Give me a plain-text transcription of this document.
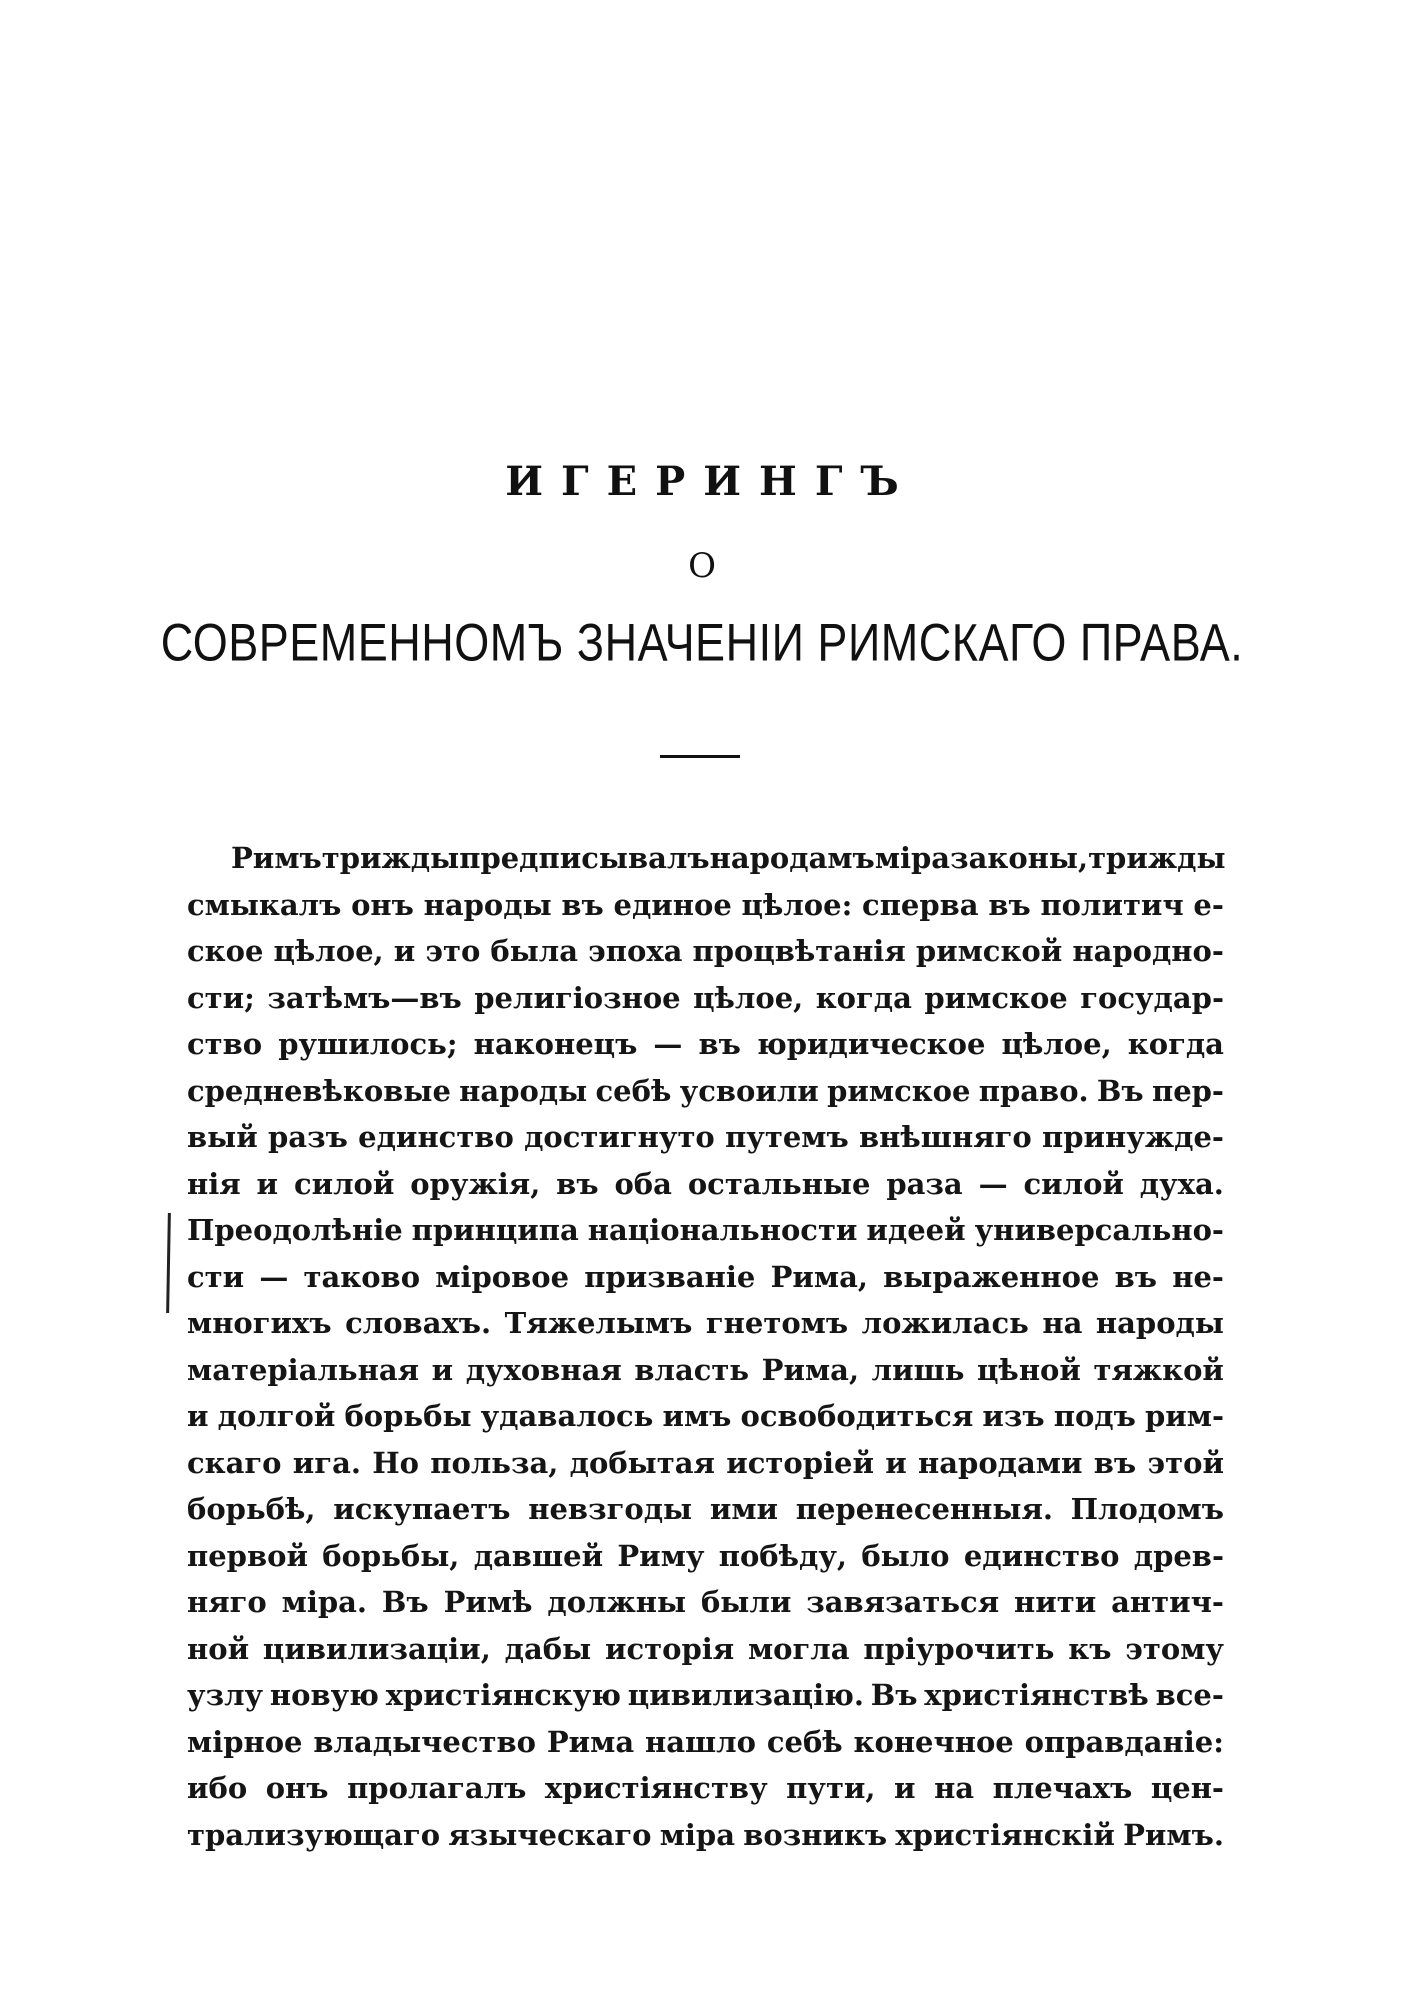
ИГЕРИНГЪ
О
СОВРЕМЕННОМЪ ЗНАЧЕНІИ РИМСКАГО ПРАВА.
Римъ трижды предписывалъ народамъ міра законы, трижды
смыкалъ онъ народы въ единое цѣлое: сперва въ политич е-
ское цѣлое, и это была эпоха процвѣтанія римской народно-
сти; затѣмъ—въ религіозное цѣлое, когда римское государ-
ство рушилось; наконецъ — въ юридическое цѣлое, когда
средневѣковые народы себѣ усвоили римское право. Въ пер-
вый разъ единство достигнуто путемъ внѣшняго принужде-
нія и силой оружія, въ оба остальные раза — силой духа.
Преодолѣніе принципа національности идеей универсально-
сти — таково міровое призваніе Рима, выраженное въ не-
многихъ словахъ. Тяжелымъ гнетомъ ложилась на народы
матеріальная и духовная власть Рима, лишь цѣной тяжкой
и долгой борьбы удавалось имъ освободиться изъ подъ рим-
скаго ига. Но польза, добытая исторіей и народами въ этой
борьбѣ, искупаетъ невзгоды ими перенесенныя. Плодомъ
первой борьбы, давшей Риму побѣду, было единство древ-
няго міра. Въ Римѣ должны были завязаться нити антич-
ной цивилизаціи, дабы исторія могла пріурочить къ этому
узлу новую христіянскую цивилизацію. Въ христіянствѣ все-
мірное владычество Рима нашло себѣ конечное оправданіе:
ибо онъ пролагалъ христіянству пути, и на плечахъ цен-
трализующаго языческаго міра возникъ христіянскій Римъ.
